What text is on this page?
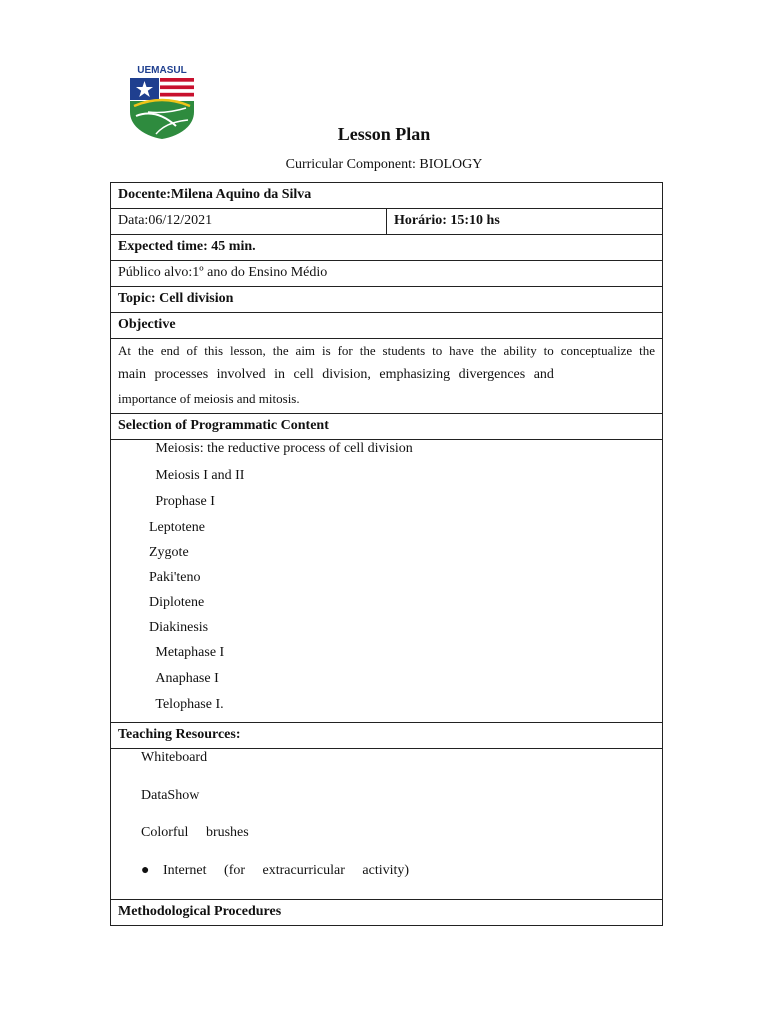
UEMASUL
Lesson Plan
Curricular Component: BIOLOGY
Docente:Milena Aquino da Silva
Data:06/12/2021	Horário: 15:10 hs
Expected time: 45 min.
Público alvo:1º ano do Ensino Médio
Topic: Cell division
Objective

At the end of this lesson, the aim is for the students to have the ability to conceptualize the

main processes involved in cell division, emphasizing divergences and

importance of meiosis and mitosis.

Selection of Programmatic Content

Meiosis: the reductive process of cell division
Meiosis I and II
Prophase I
Leptotene
Zygote
Paki'teno
Diplotene
Diakinesis
Metaphase I
Anaphase I
Telophase I.

Teaching Resources:

Whiteboard
DataShow
Colorful brushes
● Internet (for extracurricular activity)

Methodological Procedures
